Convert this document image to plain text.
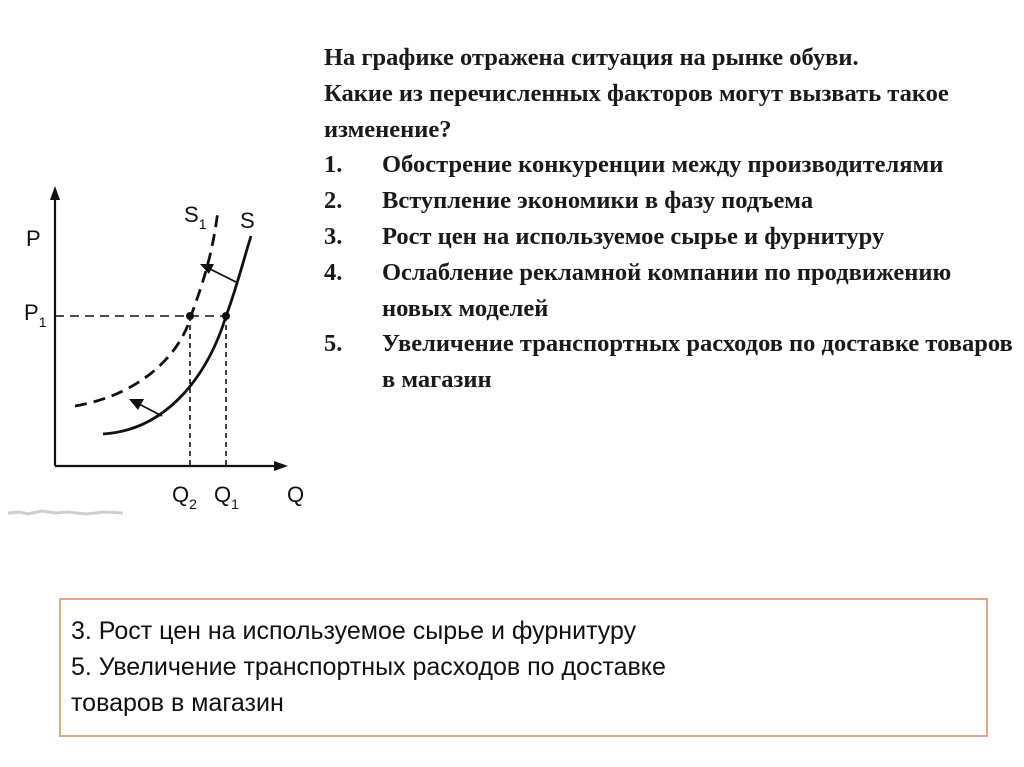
P
$P_1$
$S_1$ S
$Q_2$ $Q_1$ Q

На графике отражена ситуация на рынке обуви.

Какие из перечисленных факторов могут вызвать такое изменение?

1.	Обострение конкуренции между производителями
2.	Вступление экономики в фазу подъема
3.	Рост цен на используемое сырье и фурнитуру
4.	Ослабление рекламной компании по продвижению новых моделей
5.	Увеличение транспортных расходов по доставке товаров в магазин
3. Рост цен на используемое сырье и фурнитуру
5. Увеличение транспортных расходов по доставке
товаров в магазин
